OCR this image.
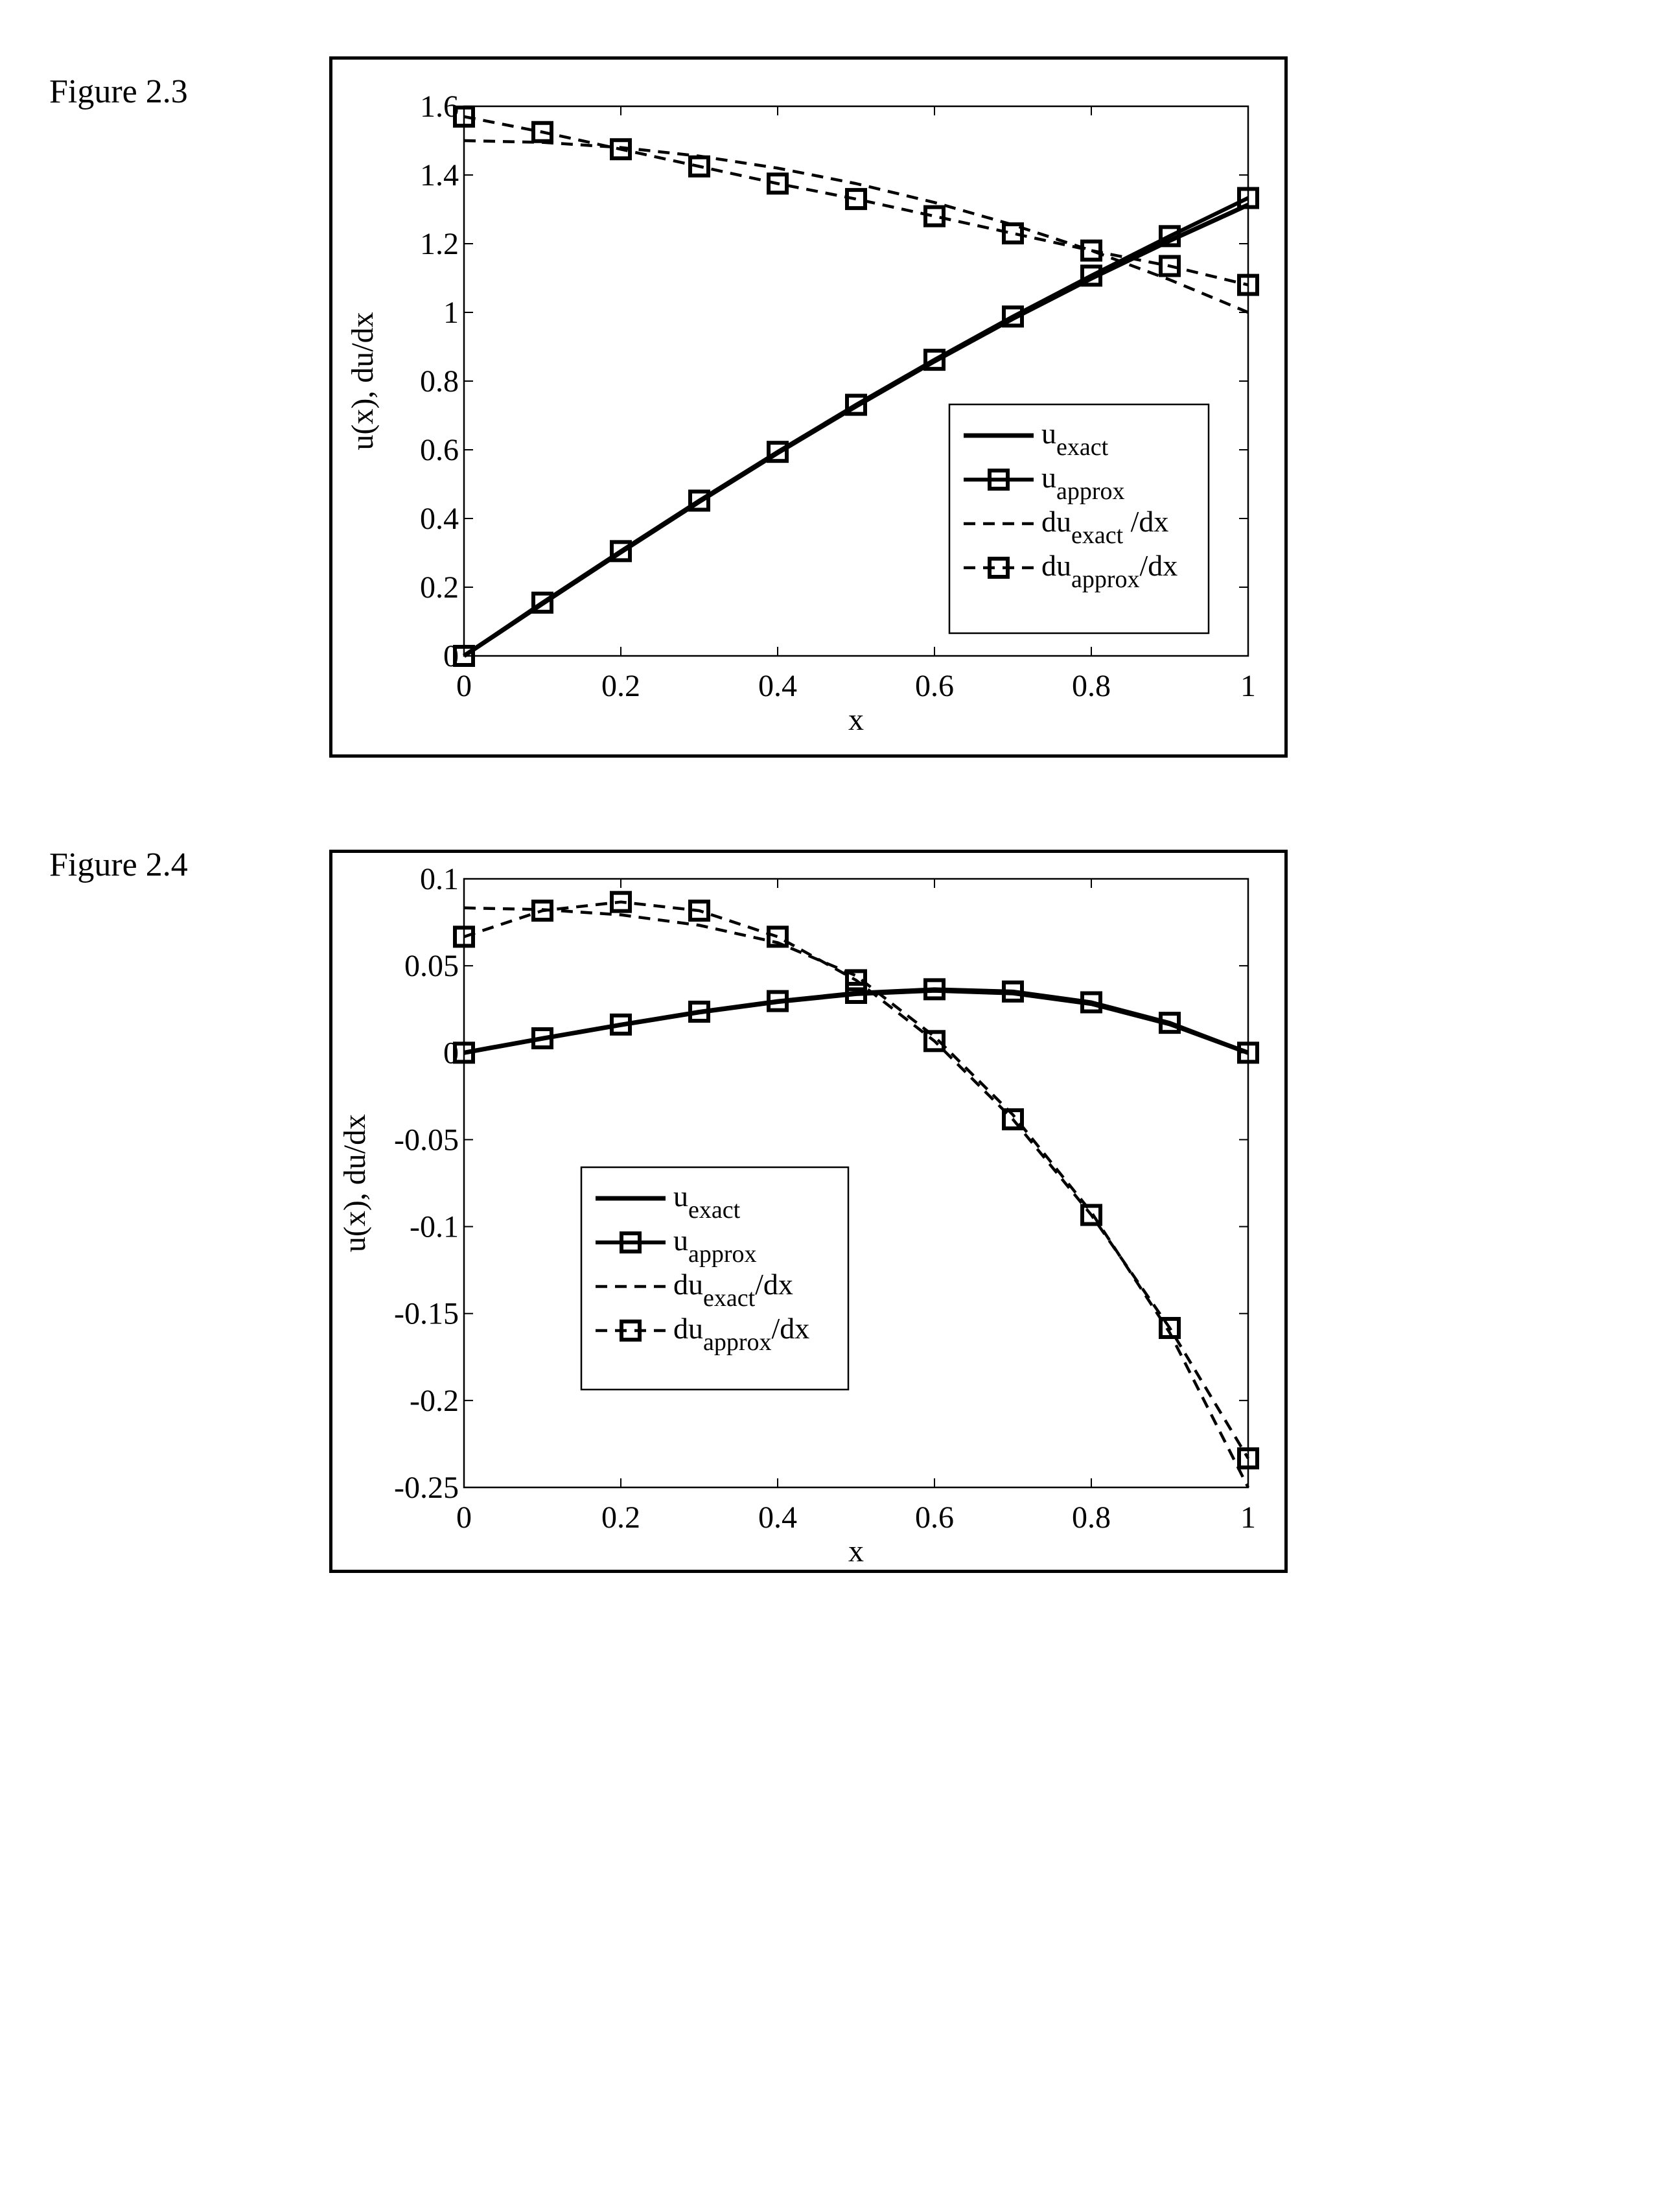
Figure 2.3
0	0.2	0.4	0.6	0.8	1
0
0.2
0.4
0.6
0.8
1
1.2
1.4
1.6
x
u(x), du/dx	$u_{exact}$
$u_{approx}$
$du_{exact}$ /dx
$du_{approx}/dx$
Figure 2.4
0	0.2	0.4	0.6	0.8	1
-0.25
-0.2
-0.15
-0.1
-0.05
0
0.05
0.1
x
u(x), du/dx	$u_{exact}$
$u_{approx}$
$du_{exact}/dx$
$du_{approx}/dx$
